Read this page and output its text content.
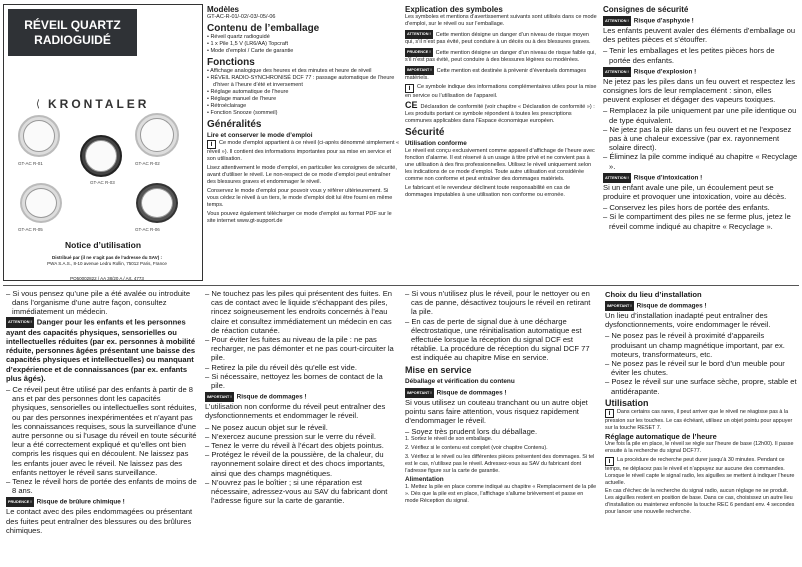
RÉVEIL QUARTZ
RADIOGUIDÉ
⟨ KRONTALER
GT-AC R-01	GT-AC R-02
GT-AC R-03
GT-AC R-05	GT-AC R-06
Notice d’utilisation
Distribué par (il ne s’agit pas de l’adresse du SAV) :
PWA S.A.S., 8-10 avenue Ledru Rollin, 75012 Paris, France
PO50002822 / AA 38/20 A / Art. 4773
Modèles

GT-AC-R-01/-02/-03/-05/-06

Contenu de l’emballage
• Réveil quartz radioguidé
• 1 x Pile 1,5 V (LR6/AA) Topcraft
• Mode d’emploi / Carte de garantie
Fonctions
• Affichage analogique des heures et des minutes et heure de réveil
• RÉVEIL RADIO-SYNCHRONISÉ DCF 77 : passage automatique de l’heure d’hiver à l’heure d’été et inversement
• Réglage automatique de l’heure
• Réglage manuel de l’heure
• Rétroéclairage
• Fonction Snooze (sommeil)
Généralités
Lire et conserver le mode d’emploi

i Ce mode d’emploi appartient à ce réveil (ci-après dénommé simplement « réveil »). Il contient des informations importantes pour sa mise en service et son utilisation.

Lisez attentivement le mode d’emploi, en particulier les consignes de sécurité, avant d’utiliser le réveil. Le non-respect de ce mode d’emploi peut entraîner des blessures graves et endommager le réveil.

Conservez le mode d’emploi pour pouvoir vous y référer ultérieurement. Si vous cédez le réveil à un tiers, le mode d’emploi doit lui être fourni en même temps.

Vous pouvez également télécharger ce mode d’emploi au format PDF sur le site internet www.gt-support.de

Explication des symboles

Les symboles et mentions d’avertissement suivants sont utilisés dans ce mode d’emploi, sur le réveil ou sur l’emballage.

ATTENTION ! Cette mention désigne un danger d’un niveau de risque moyen qui, s’il n’est pas évité, peut conduire à un décès ou à des blessures graves.

PRUDENCE ! Cette mention désigne un danger d’un niveau de risque faible qui, s’il n’est pas évité, peut conduire à des blessures légères ou modérées.

IMPORTANT ! Cette mention est destinée à prévenir d’éventuels dommages matériels.

i Ce symbole indique des informations complémentaires utiles pour la mise en service ou l’utilisation de l’appareil.

CE Déclaration de conformité (voir chapitre « Déclaration de conformité ») : Les produits portant ce symbole répondent à toutes les prescriptions communes applicables dans l’Espace économique européen.

Sécurité
Utilisation conforme

Le réveil est conçu exclusivement comme appareil d’affichage de l’heure avec fonction d’alarme. Il est réservé à un usage à titre privé et ne convient pas à une utilisation à des fins professionnelles. Utilisez le réveil uniquement selon les indications de ce mode d’emploi. Toute autre utilisation est considérée comme non conforme et peut entraîner des dommages matériels.

Le fabricant et le revendeur déclinent toute responsabilité en cas de dommages imputables à une utilisation non conforme ou erronée.

Consignes de sécurité
ATTENTION ! Risque d’asphyxie !

Les enfants peuvent avaler des éléments d’emballage ou des petites pièces et s’étouffer.

– Tenir les emballages et les petites pièces hors de portée des enfants.
ATTENTION ! Risque d’explosion !

Ne jetez pas les piles dans un feu ouvert et respectez les consignes lors de leur remplacement : sinon, elles peuvent exploser et dégager des vapeurs toxiques.

– Remplacez la pile uniquement par une pile identique ou de type équivalent.
– Ne jetez pas la pile dans un feu ouvert et ne l’exposez pas à une chaleur excessive (par ex. rayonnement solaire direct).
– Éliminez la pile comme indiqué au chapitre « Recyclage ».
ATTENTION ! Risque d’intoxication !

Si un enfant avale une pile, un écoulement peut se produire et provoquer une intoxication, voire au décès.

– Conservez les piles hors de portée des enfants.
– Si le compartiment des piles ne se ferme plus, jetez le réveil comme indiqué au chapitre « Recyclage ».
– Si vous pensez qu’une pile a été avalée ou introduite dans l’organisme d’une autre façon, consultez immédiatement un médecin.

ATTENTION ! Danger pour les enfants et les personnes ayant des capacités physiques, sensorielles ou intellectuelles réduites (par ex. personnes à mobilité réduite, personnes âgées présentant une baisse des capacités physiques et intellectuelles) ou manquant d’expérience et de connaissances (par ex. enfants plus âgés).

– Ce réveil peut être utilisé par des enfants à partir de 8 ans et par des personnes dont les capacités physiques, sensorielles ou intellectuelles sont réduites, ou par des personnes inexpérimentées et n’ayant pas les connaissances requises, sous la surveillance d’une autre personne ou si l’usage du réveil en toute sécurité leur a été correctement expliqué et qu’elles ont bien compris les risques qui en découlent. Ne laissez pas les enfants jouer avec le réveil. Ne laissez pas des enfants nettoyer le réveil sans surveillance.
– Tenez le réveil hors de portée des enfants de moins de 8 ans.
PRUDENCE ! Risque de brûlure chimique !

Le contact avec des piles endommagées ou présentant des fuites peut entraîner des blessures ou des brûlures chimiques.

– Ne touchez pas les piles qui présentent des fuites. En cas de contact avec le liquide s’échappant des piles, rincez soigneusement les endroits concernés à l’eau claire et consultez immédiatement un médecin en cas de réaction cutanée.
– Pour éviter les fuites au niveau de la pile : ne pas recharger, ne pas démonter et ne pas court-circuiter la pile.
– Retirez la pile du réveil dès qu’elle est vide.
– Si nécessaire, nettoyez les bornes de contact de la pile.
IMPORTANT ! Risque de dommages !

L’utilisation non conforme du réveil peut entraîner des dysfonctionnements et endommager le réveil.

– Ne posez aucun objet sur le réveil.
– N’exercez aucune pression sur le verre du réveil.
– Tenez le verre du réveil à l’écart des objets pointus.
– Protégez le réveil de la poussière, de la chaleur, du rayonnement solaire direct et des chocs importants, ainsi que des champs magnétiques.
– N’ouvrez pas le boîtier ; si une réparation est nécessaire, adressez-vous au SAV du fabricant dont l’adresse figure sur la carte de garantie.
– Si vous n’utilisez plus le réveil, pour le nettoyer ou en cas de panne, désactivez toujours le réveil en retirant la pile.
– En cas de perte de signal due à une décharge électrostatique, une réinitialisation automatique est effectuée lorsque la réception du signal DCF est rétablie. La procédure de réception du signal DCF 77 est indiquée au chapitre Mise en service.
Mise en service
Déballage et vérification du contenu
IMPORTANT ! Risque de dommages !

Si vous utilisez un couteau tranchant ou un autre objet pointu sans faire attention, vous risquez rapidement d’endommager le réveil.

– Soyez très prudent lors du déballage.

1. Sortez le réveil de son emballage.

2. Vérifiez si le contenu est complet (voir chapitre Contenu).

3. Vérifiez si le réveil ou les différentes pièces présentent des dommages. Si tel est le cas, n’utilisez pas le réveil. Adressez-vous au SAV du fabricant dont l’adresse figure sur la carte de garantie.

Alimentation

1. Mettez la pile en place comme indiqué au chapitre « Remplacement de la pile ». Dès que la pile est en place, l’affichage s’allume brièvement et passe en mode Réception du signal.

Choix du lieu d’installation
IMPORTANT ! Risque de dommages !

Un lieu d’installation inadapté peut entraîner des dysfonctionnements, voire endommager le réveil.

– Ne posez pas le réveil à proximité d’appareils produisant un champ magnétique important, par ex. moteurs, transformateurs, etc.
– Ne posez pas le réveil sur le bord d’un meuble pour éviter les chutes.
– Posez le réveil sur une surface sèche, propre, stable et antidérapante.
Utilisation

i Dans certains cas rares, il peut arriver que le réveil ne réagisse pas à la pression sur les touches. Le cas échéant, utilisez un objet pointu pour appuyer sur la touche RESET 7.

Réglage automatique de l’heure

Une fois la pile en place, le réveil se règle sur l’heure de base (12h00). Il passe ensuite à la recherche du signal DCF77.

i La procédure de recherche peut durer jusqu’à 30 minutes. Pendant ce temps, ne déplacez pas le réveil et n’appuyez sur aucune des commandes. Lorsque le réveil capte le signal radio, les aiguilles se mettent à indiquer l’heure actuelle.

En cas d’échec de la recherche du signal radio, aucun réglage ne se produit. Les aiguilles restent en position de base. Dans ce cas, choisissez un autre lieu d’installation ou maintenez enfoncée la touche REC 6 pendant env. 4 secondes pour lancer une nouvelle recherche.
